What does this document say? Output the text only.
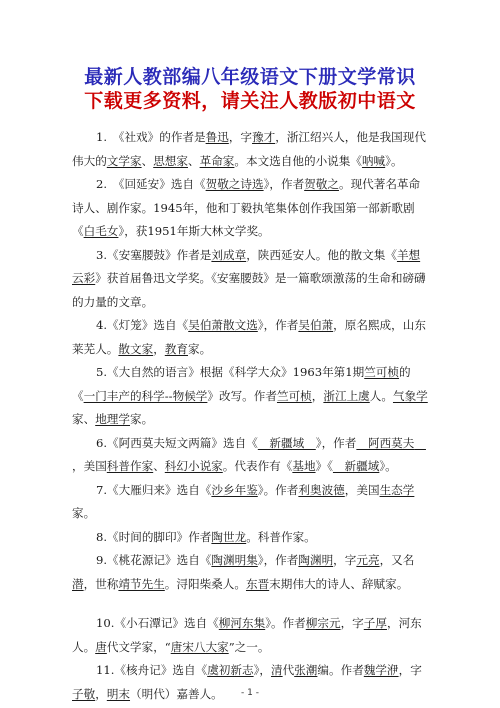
最新人教部编八年级语文下册文学常识
下载更多资料，请关注人教版初中语文

1.　《社戏》的作者是鲁迅，字豫才，浙江绍兴人，他是我国现代伟大的文学家、思想家、革命家。本文选自他的小说集《呐喊》。

2.　《回延安》选自《贺敬之诗选》，作者贺敬之。现代著名革命诗人、剧作家。1945年，他和丁毅执笔集体创作我国第一部新歌剧《白毛女》，获1951年斯大林文学奖。

3.《安塞腰鼓》作者是刘成章，陕西延安人。他的散文集《羊想云彩》获首届鲁迅文学奖。《安塞腰鼓》是一篇歌颂激荡的生命和磅礴的力量的文章。

4.《灯笼》选自《吴伯萧散文选》，作者吴伯萧，原名熙成，山东莱芜人。散文家，教育家。

5.《大自然的语言》根据《科学大众》1963年第1期竺可桢的《一门丰产的科学--物候学》改写。作者竺可桢，浙江上虞人。气象学家、地理学家。

6.《阿西莫夫短文两篇》选自《　新疆域　》，作者　阿西莫夫　，美国科普作家、科幻小说家。代表作有《基地》《　新疆域》。

7.《大雁归来》选自《沙乡年鉴》。作者利奥波德，美国生态学家。

8.《时间的脚印》作者陶世龙。科普作家。

9.《桃花源记》选自《陶渊明集》，作者陶渊明，字元亮，又名潜，世称靖节先生。浔阳柴桑人。东晋末期伟大的诗人、辞赋家。

10.《小石潭记》选自《柳河东集》。作者柳宗元，字子厚，河东人。唐代文学家，“唐宋八大家”之一。

11.《核舟记》选自《虞初新志》，清代张潮编。作者魏学洢，字子敬，明末（明代）嘉善人。	- 1 -
